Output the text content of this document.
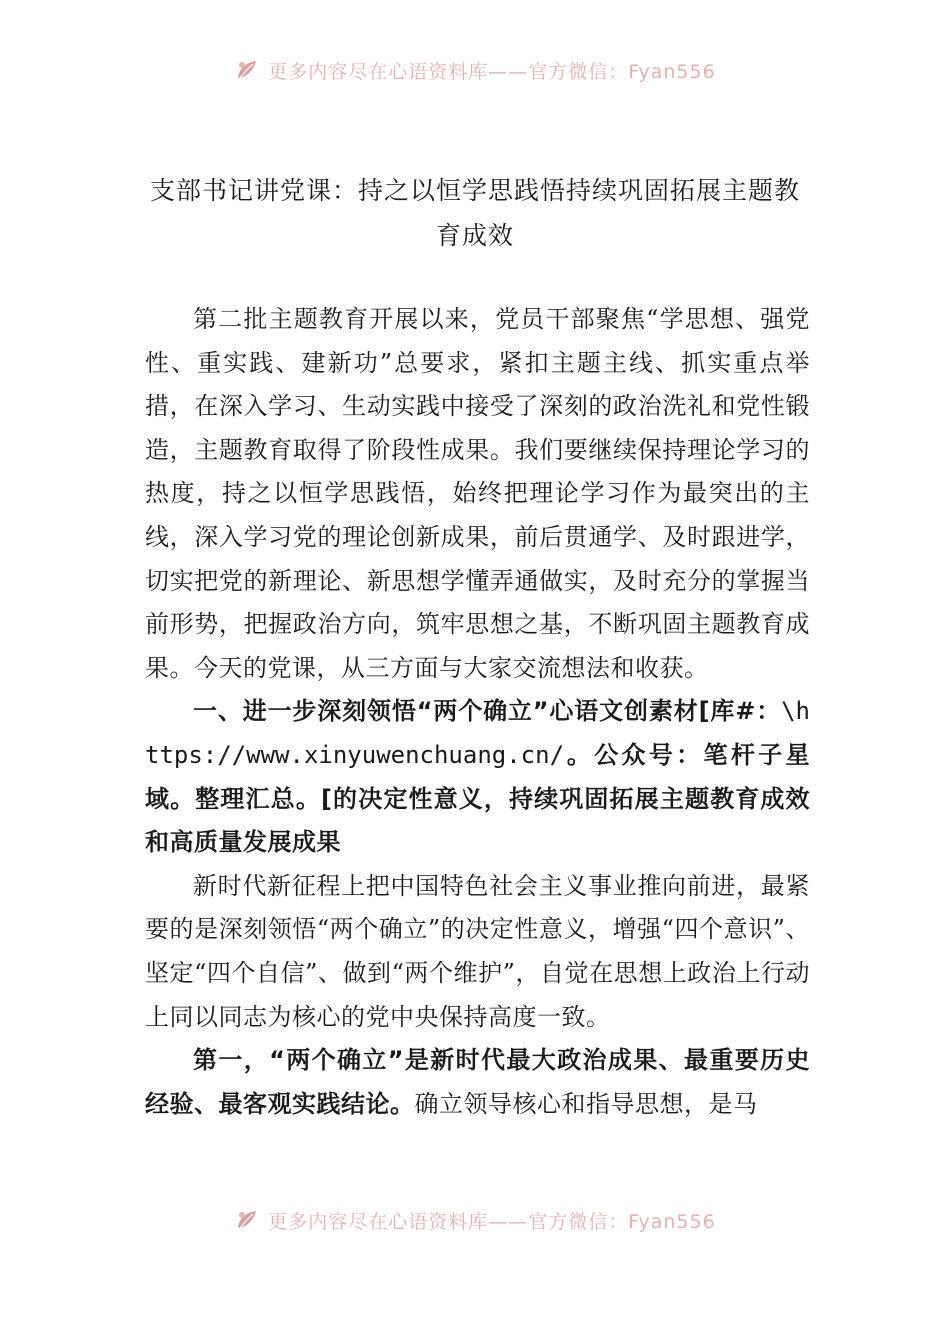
更多内容尽在心语资料库——官方微信：Fyan556
支部书记讲党课：持之以恒学思践悟持续巩固拓展主题教育成效

第二批主题教育开展以来，党员干部聚焦“学思想、强党性、重实践、建新功”总要求，紧扣主题主线、抓实重点举措，在深入学习、生动实践中接受了深刻的政治洗礼和党性锻造，主题教育取得了阶段性成果。我们要继续保持理论学习的热度，持之以恒学思践悟，始终把理论学习作为最突出的主线，深入学习党的理论创新成果，前后贯通学、及时跟进学，切实把党的新理论、新思想学懂弄通做实，及时充分的掌握当前形势，把握政治方向，筑牢思想之基，不断巩固主题教育成果。今天的党课，从三方面与大家交流想法和收获。

一、进一步深刻领悟“两个确立”心语文创素材[库#：\https://www.xinyuwenchuang.cn/。公众号：笔杆子星域。整理汇总。[的决定性意义，持续巩固拓展主题教育成效和高质量发展成果

新时代新征程上把中国特色社会主义事业推向前进，最紧要的是深刻领悟“两个确立”的决定性意义，增强“四个意识”、坚定“四个自信”、做到“两个维护”，自觉在思想上政治上行动上同以同志为核心的党中央保持高度一致。

第一，“两个确立”是新时代最大政治成果、最重要历史经验、最客观实践结论。确立领导核心和指导思想，是马

更多内容尽在心语资料库——官方微信：Fyan556
